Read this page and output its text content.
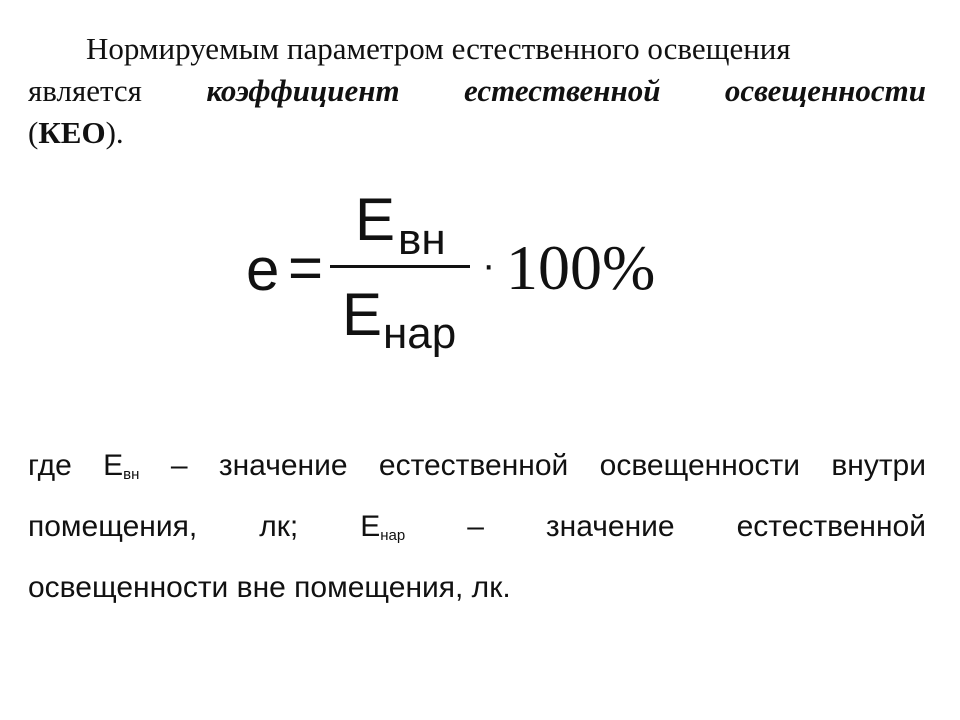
Нормируемым параметром естественного освещения
является коэффициент естественной освещенности
(КЕО).
е =
Е вн
Е нар
· 100%
где $Е_{вн}$ – значение естественной освещенности внутри
помещения, лк; $Е_{нар}$ – значение естественной
освещенности вне помещения, лк.
